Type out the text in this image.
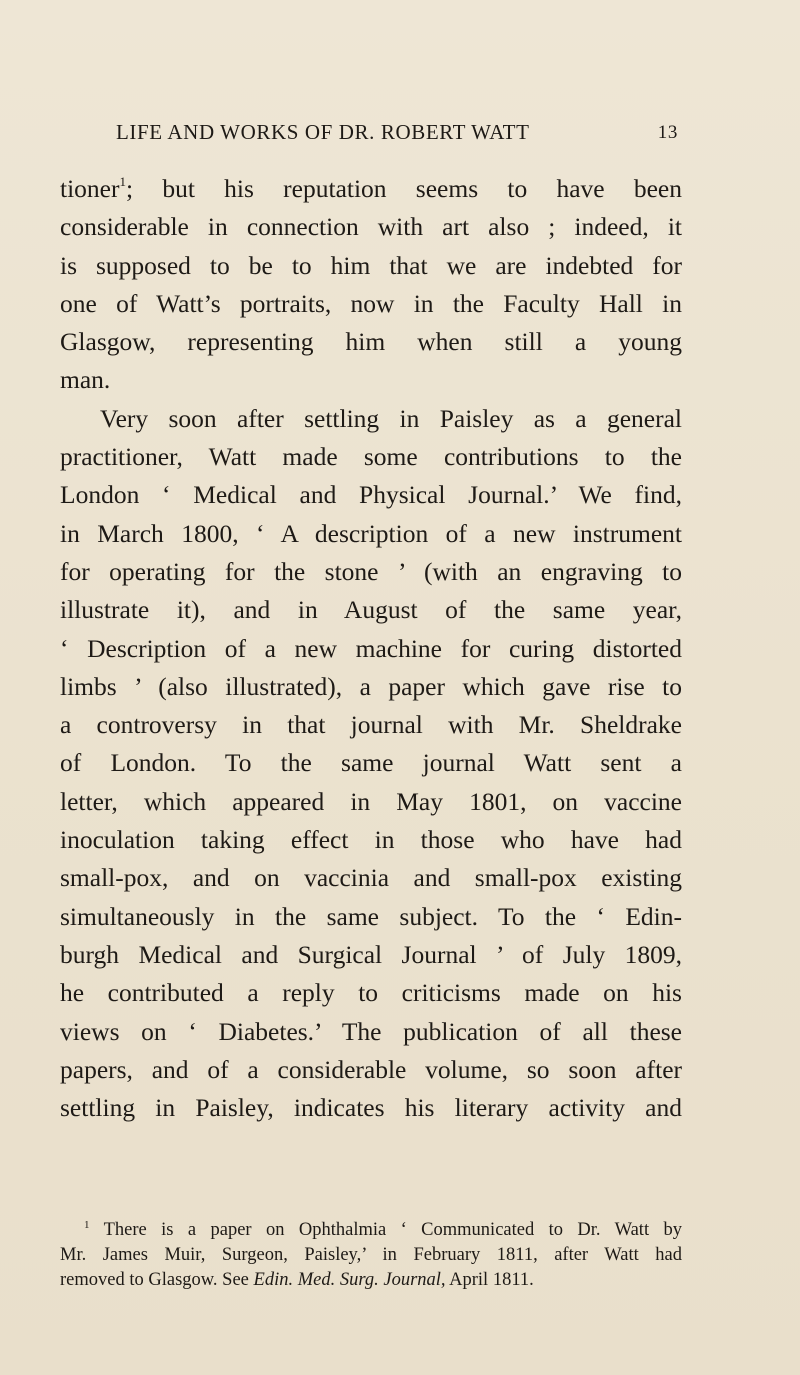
LIFE AND WORKS OF DR. ROBERT WATT	13
tioner$^1$; but his reputation seems to have been
considerable in connection with art also ; indeed, it
is supposed to be to him that we are indebted for
one of Watt’s portraits, now in the Faculty Hall in
Glasgow, representing him when still a young
man.
Very soon after settling in Paisley as a general
practitioner, Watt made some contributions to the
London ‘ Medical and Physical Journal.’ We find,
in March 1800, ‘ A description of a new instrument
for operating for the stone ’ (with an engraving to
illustrate it), and in August of the same year,
‘ Description of a new machine for curing distorted
limbs ’ (also illustrated), a paper which gave rise to
a controversy in that journal with Mr. Sheldrake
of London. To the same journal Watt sent a
letter, which appeared in May 1801, on vaccine
inoculation taking effect in those who have had
small-pox, and on vaccinia and small-pox existing
simultaneously in the same subject. To the ‘ Edin-
burgh Medical and Surgical Journal ’ of July 1809,
he contributed a reply to criticisms made on his
views on ‘ Diabetes.’ The publication of all these
papers, and of a considerable volume, so soon after
settling in Paisley, indicates his literary activity and
$^1$ There is a paper on Ophthalmia ‘ Communicated to Dr. Watt by
Mr. James Muir, Surgeon, Paisley,’ in February 1811, after Watt had
removed to Glasgow. See Edin. Med. Surg. Journal, April 1811.
